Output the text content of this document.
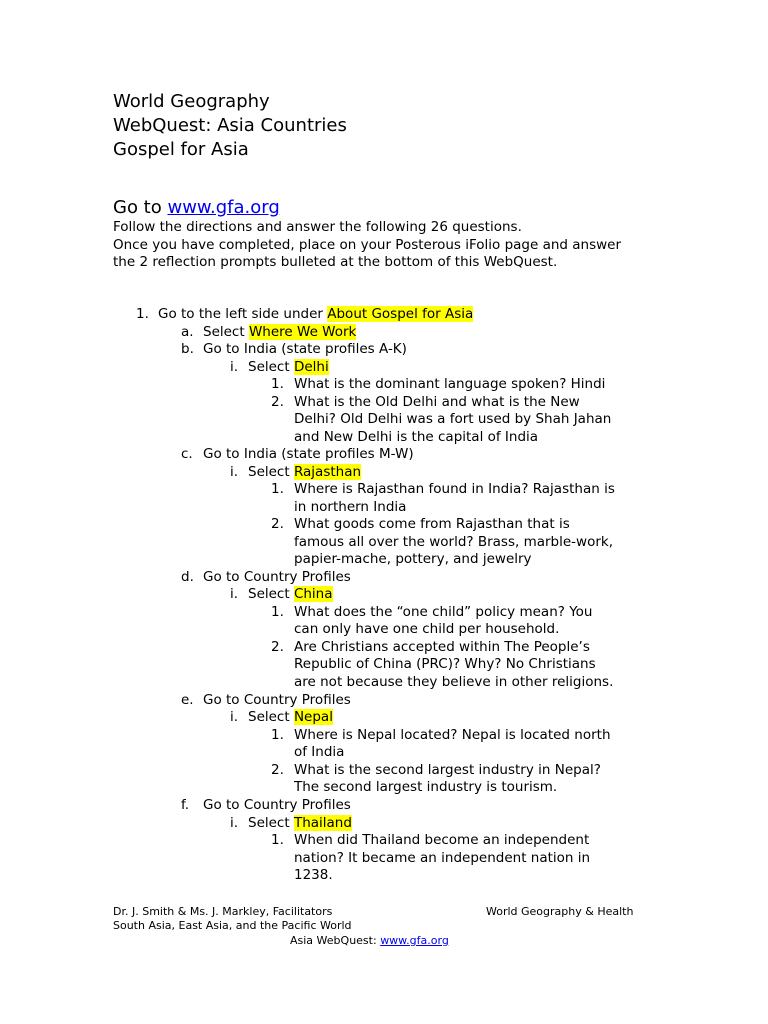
World Geography
WebQuest: Asia Countries
Gospel for Asia
Go to www.gfa.org
Follow the directions and answer the following 26 questions.
Once you have completed, place on your Posterous iFolio page and answer the 2 reflection prompts bulleted at the bottom of this WebQuest.
1. Go to the left side under About Gospel for Asia
a. Select Where We Work
b. Go to India (state profiles A-K)
i. Select Delhi
1. What is the dominant language spoken? Hindi
2. What is the Old Delhi and what is the New
Delhi? Old Delhi was a fort used by Shah Jahan
and New Delhi is the capital of India
c. Go to India (state profiles M-W)
i. Select Rajasthan
1. Where is Rajasthan found in India? Rajasthan is
in northern India
2. What goods come from Rajasthan that is
famous all over the world? Brass, marble-work,
papier-mache, pottery, and jewelry
d. Go to Country Profiles
i. Select China
1. What does the “one child” policy mean? You
can only have one child per household.
2. Are Christians accepted within The People’s
Republic of China (PRC)? Why? No Christians
are not because they believe in other religions.
e. Go to Country Profiles
i. Select Nepal
1. Where is Nepal located? Nepal is located north
of India
2. What is the second largest industry in Nepal?
The second largest industry is tourism.
f. Go to Country Profiles
i. Select Thailand
1. When did Thailand become an independent
nation? It became an independent nation in
1238.
Dr. J. Smith & Ms. J. Markley, Facilitators	World Geography & Health
South Asia, East Asia, and the Pacific World
Asia WebQuest: www.gfa.org
